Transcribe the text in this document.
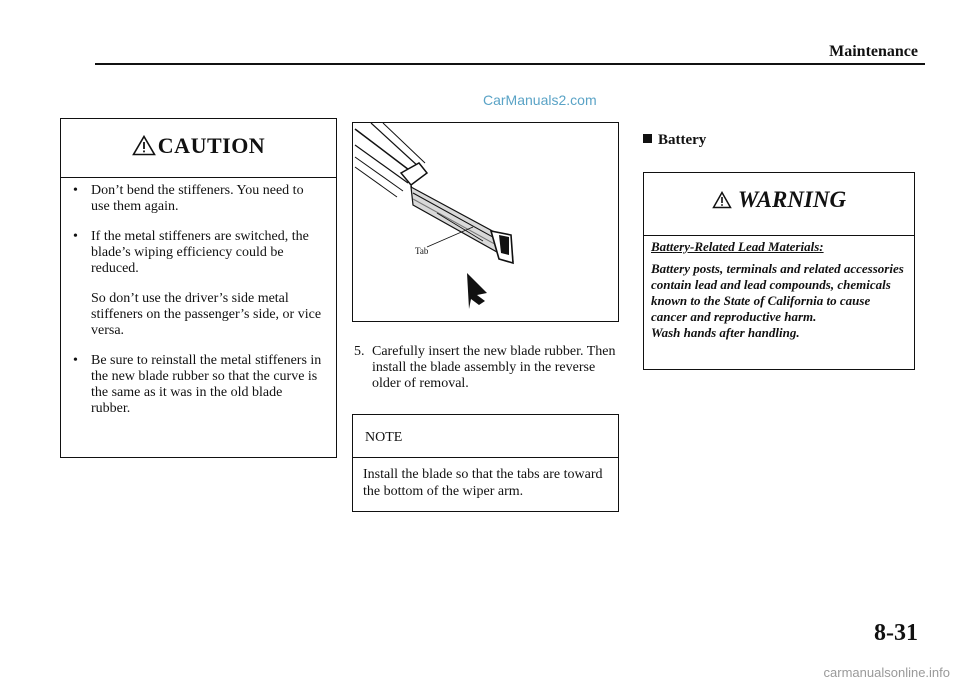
Maintenance
CarManuals2.com
CAUTION
• Don’t bend the stiffeners. You need to use them again.
• If the metal stiffeners are switched, the blade’s wiping efficiency could be reduced.
So don’t use the driver’s side metal stiffeners on the passenger’s side, or vice versa.
• Be sure to reinstall the metal stiffeners in the new blade rubber so that the curve is the same as it was in the old blade rubber.
Tab
5. Carefully insert the new blade rubber. Then install the blade assembly in the reverse older of removal.
NOTE
Install the blade so that the tabs are toward the bottom of the wiper arm.
Battery
WARNING
Battery-Related Lead Materials:
Battery posts, terminals and related accessories contain lead and lead compounds, chemicals known to the State of California to cause cancer and reproductive harm.
Wash hands after handling.
8-31
carmanualsonline.info
